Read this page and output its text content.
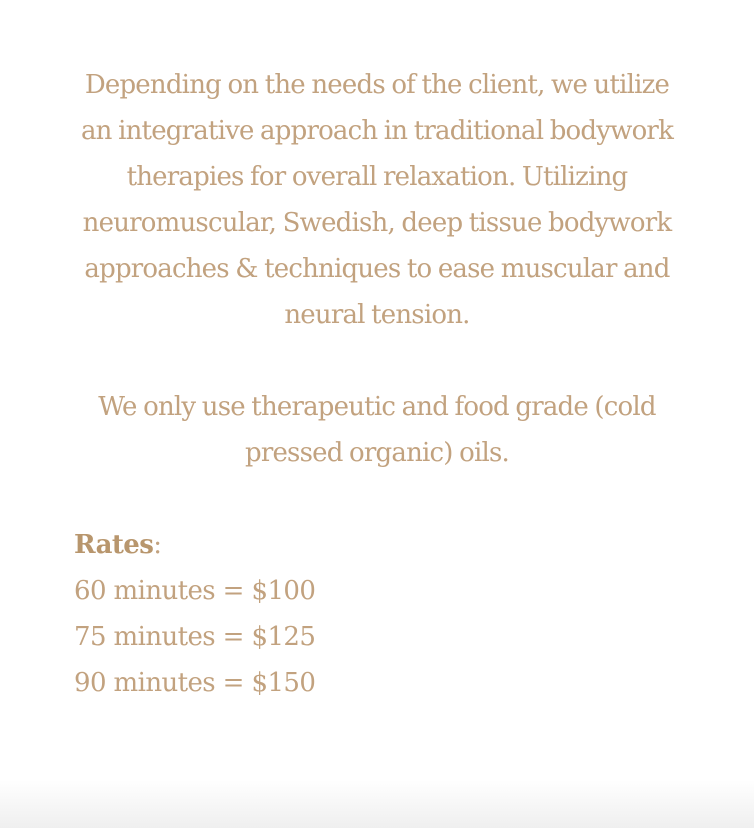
Depending on the needs of the client, we utilize an integrative approach in traditional bodywork therapies for overall relaxation. Utilizing neuromuscular, Swedish, deep tissue bodywork approaches & techniques to ease muscular and neural tension.

We only use therapeutic and food grade (cold pressed organic) oils.

Rates:
60 minutes = $100
75 minutes = $125
90 minutes = $150
